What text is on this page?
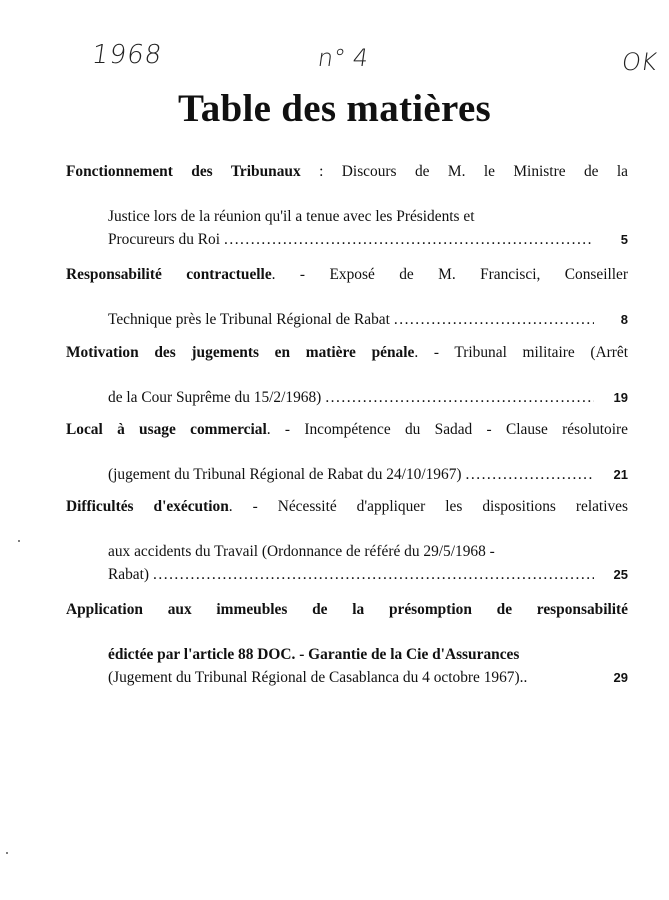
1968	n° 4	OK
Table des matières
Fonctionnement des Tribunaux : Discours de M. le Ministre de la
Justice lors de la réunion qu'il a tenue avec les Présidents et
Procureurs du Roi .....	5
Responsabilité contractuelle. - Exposé de M. Francisci, Conseiller
Technique près le Tribunal Régional de Rabat .....	8
Motivation des jugements en matière pénale. - Tribunal militaire (Arrêt
de la Cour Suprême du 15/2/1968) .....	19
Local à usage commercial. - Incompétence du Sadad - Clause résolutoire
(jugement du Tribunal Régional de Rabat du 24/10/1967) .....	21
Difficultés d'exécution. - Nécessité d'appliquer les dispositions relatives
aux accidents du Travail (Ordonnance de référé du 29/5/1968 -
Rabat) .....	25
Application aux immeubles de la présomption de responsabilité
édictée par l'article 88 DOC. - Garantie de la Cie d'Assurances
(Jugement du Tribunal Régional de Casablanca du 4 octobre 1967)..	29
